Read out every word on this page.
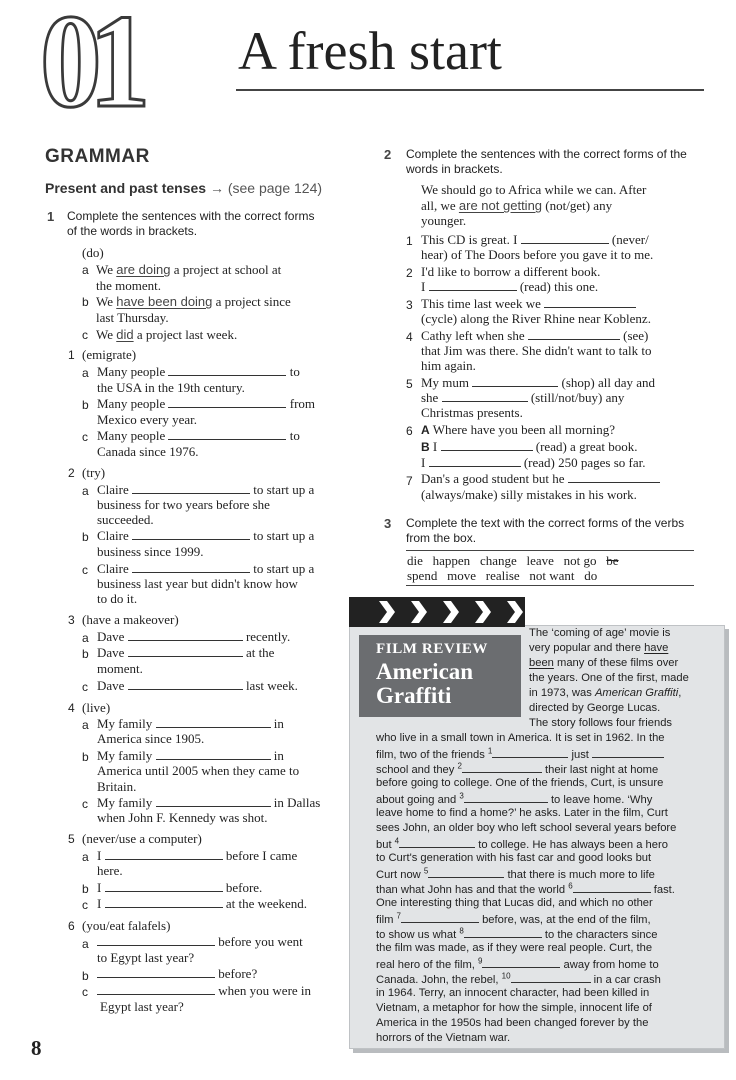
01 A fresh start
GRAMMAR
Present and past tenses → (see page 124)
1 Complete the sentences with the correct forms
of the words in brackets.
(do)
a We are doing a project at school at
the moment.
b We have been doing a project since
last Thursday.
c We did a project last week.
1 (emigrate)
a Many people	to
the USA in the 19th century.
b Many people	from
Mexico every year.
c Many people	to
Canada since 1976.
2 (try)
a Claire	to start up a
business for two years before she
succeeded.
b Claire	to start up a
business since 1999.
c Claire	to start up a
business last year but didn't know how
to do it.
3 (have a makeover)
a Dave	recently.
b Dave	at the
moment.
c Dave	last week.
4 (live)
a My family	in
America since 1905.
b My family	in
America until 2005 when they came to
Britain.
c My family	in Dallas
when John F. Kennedy was shot.
5 (never/use a computer)
a I	before I came
here.
b I	before.
c I	at the weekend.
6 (you/eat falafels)
a	before you went
to Egypt last year?
b	before?
c	when you were in
Egypt last year?
8
2 Complete the sentences with the correct forms of the
words in brackets.
We should go to Africa while we can. After
all, we are not getting (not/get) any
younger.
1 This CD is great. I	(never/
hear) of The Doors before you gave it to me.
2 I'd like to borrow a different book.
I	(read) this one.
3 This time last week we
(cycle) along the River Rhine near Koblenz.
4 Cathy left when she	(see)
that Jim was there. She didn't want to talk to
him again.
5 My mum	(shop) all day and
she	(still/not/buy) any
Christmas presents.
6 A Where have you been all morning?
B I	(read) a great book.
I	(read) 250 pages so far.
7 Dan's a good student but he
(always/make) silly mistakes in his work.
3 Complete the text with the correct forms of the verbs
from the box.
die happen change leave not go be
spend move realise not want do
FILM REVIEW
American
Graffiti
The ‘coming of age’ movie is
very popular and there have
been many of these films over
the years. One of the first, made
in 1973, was American Graffiti,
directed by George Lucas.
The story follows four friends
who live in a small town in America. It is set in 1962. In the
film, two of the friends $^1$	just
school and they $^2$	their last night at home
before going to college. One of the friends, Curt, is unsure
about going and $^3$	to leave home. ‘Why
leave home to find a home?’ he asks. Later in the film, Curt
sees John, an older boy who left school several years before
but $^4$	to college. He has always been a hero
to Curt's generation with his fast car and good looks but
Curt now $^5$	that there is much more to life
than what John has and that the world $^6$	fast.
One interesting thing that Lucas did, and which no other
film $^7$	before, was, at the end of the film,
to show us what $^8$	to the characters since
the film was made, as if they were real people. Curt, the
real hero of the film, $^9$	away from home to
Canada. John, the rebel, $^{10}$	in a car crash
in 1964. Terry, an innocent character, had been killed in
Vietnam, a metaphor for how the simple, innocent life of
America in the 1950s had been changed forever by the
horrors of the Vietnam war.
